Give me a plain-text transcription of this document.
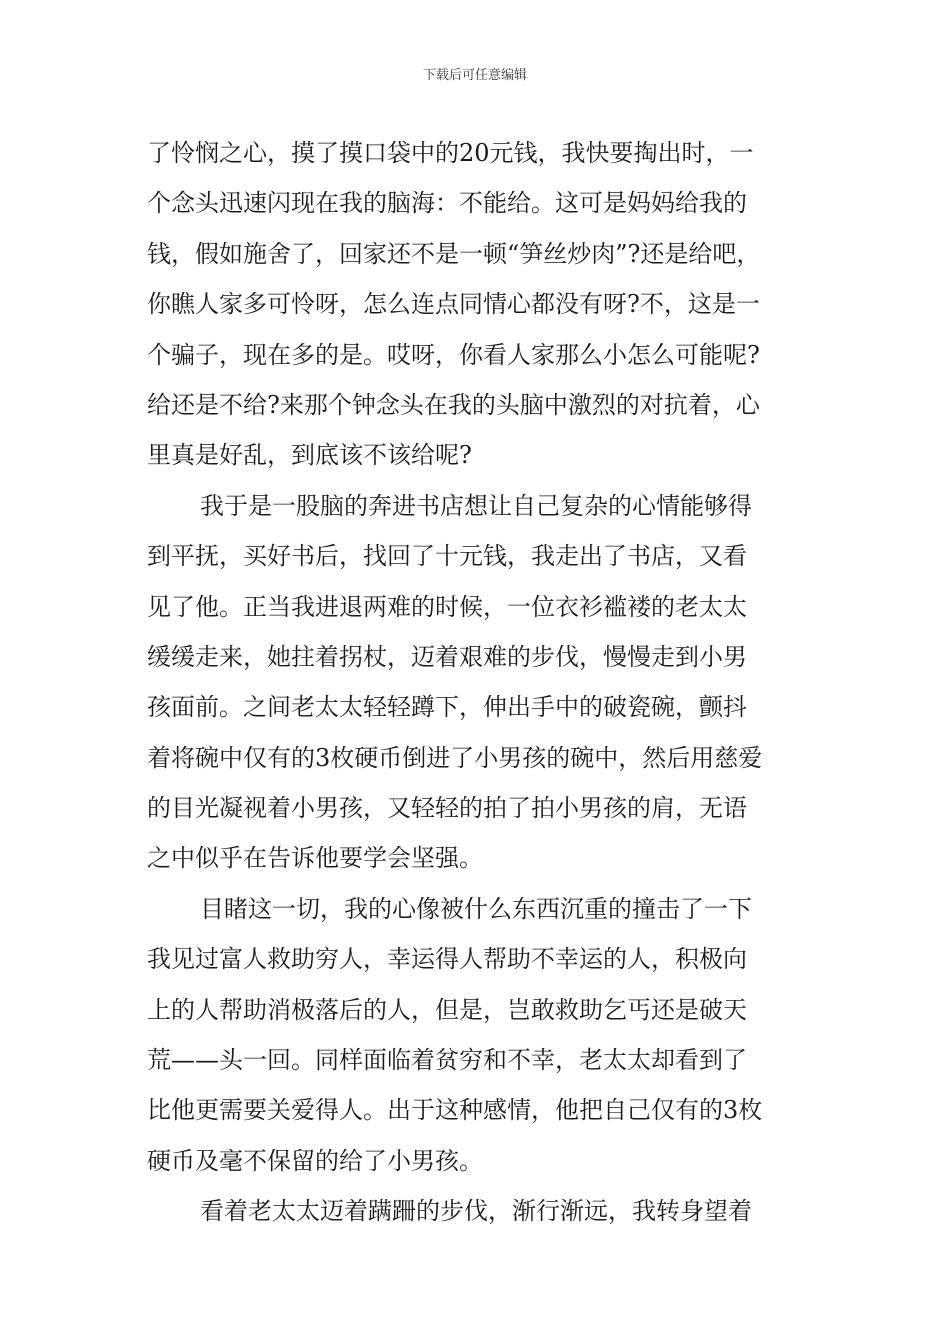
下载后可任意编辑
了怜悯之心，摸了摸口袋中的20元钱，我快要掏出时，一
个念头迅速闪现在我的脑海：不能给。这可是妈妈给我的
钱，假如施舍了，回家还不是一顿“笋丝炒肉”?还是给吧，
你瞧人家多可怜呀，怎么连点同情心都没有呀?不，这是一
个骗子，现在多的是。哎呀，你看人家那么小怎么可能呢?
给还是不给?来那个钟念头在我的头脑中激烈的对抗着，心
里真是好乱，到底该不该给呢?
我于是一股脑的奔进书店想让自己复杂的心情能够得
到平抚，买好书后，找回了十元钱，我走出了书店，又看
见了他。正当我进退两难的时候，一位衣衫褴褛的老太太
缓缓走来，她拄着拐杖，迈着艰难的步伐，慢慢走到小男
孩面前。之间老太太轻轻蹲下，伸出手中的破瓷碗，颤抖
着将碗中仅有的3枚硬币倒进了小男孩的碗中，然后用慈爱
的目光凝视着小男孩，又轻轻的拍了拍小男孩的肩，无语
之中似乎在告诉他要学会坚强。
目睹这一切，我的心像被什么东西沉重的撞击了一下
我见过富人救助穷人，幸运得人帮助不幸运的人，积极向
上的人帮助消极落后的人，但是，岂敢救助乞丐还是破天
荒——头一回。同样面临着贫穷和不幸，老太太却看到了
比他更需要关爱得人。出于这种感情，他把自己仅有的3枚
硬币及毫不保留的给了小男孩。
看着老太太迈着蹒跚的步伐，渐行渐远，我转身望着
